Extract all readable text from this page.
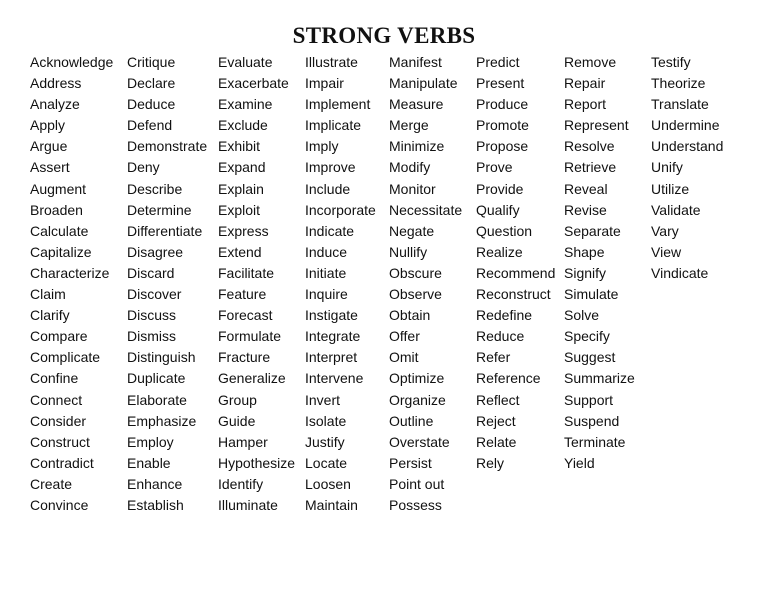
STRONG VERBS
Acknowledge
Address
Analyze
Apply
Argue
Assert
Augment
Broaden
Calculate
Capitalize
Characterize
Claim
Clarify
Compare
Complicate
Confine
Connect
Consider
Construct
Contradict
Create
Convince
Critique
Declare
Deduce
Defend
Demonstrate
Deny
Describe
Determine
Differentiate
Disagree
Discard
Discover
Discuss
Dismiss
Distinguish
Duplicate
Elaborate
Emphasize
Employ
Enable
Enhance
Establish
Evaluate
Exacerbate
Examine
Exclude
Exhibit
Expand
Explain
Exploit
Express
Extend
Facilitate
Feature
Forecast
Formulate
Fracture
Generalize
Group
Guide
Hamper
Hypothesize
Identify
Illuminate
Illustrate
Impair
Implement
Implicate
Imply
Improve
Include
Incorporate
Indicate
Induce
Initiate
Inquire
Instigate
Integrate
Interpret
Intervene
Invert
Isolate
Justify
Locate
Loosen
Maintain
Manifest
Manipulate
Measure
Merge
Minimize
Modify
Monitor
Necessitate
Negate
Nullify
Obscure
Observe
Obtain
Offer
Omit
Optimize
Organize
Outline
Overstate
Persist
Point out
Possess
Predict
Present
Produce
Promote
Propose
Prove
Provide
Qualify
Question
Realize
Recommend
Reconstruct
Redefine
Reduce
Refer
Reference
Reflect
Reject
Relate
Rely
Remove
Repair
Report
Represent
Resolve
Retrieve
Reveal
Revise
Separate
Shape
Signify
Simulate
Solve
Specify
Suggest
Summarize
Support
Suspend
Terminate
Yield
Testify
Theorize
Translate
Undermine
Understand
Unify
Utilize
Validate
Vary
View
Vindicate
